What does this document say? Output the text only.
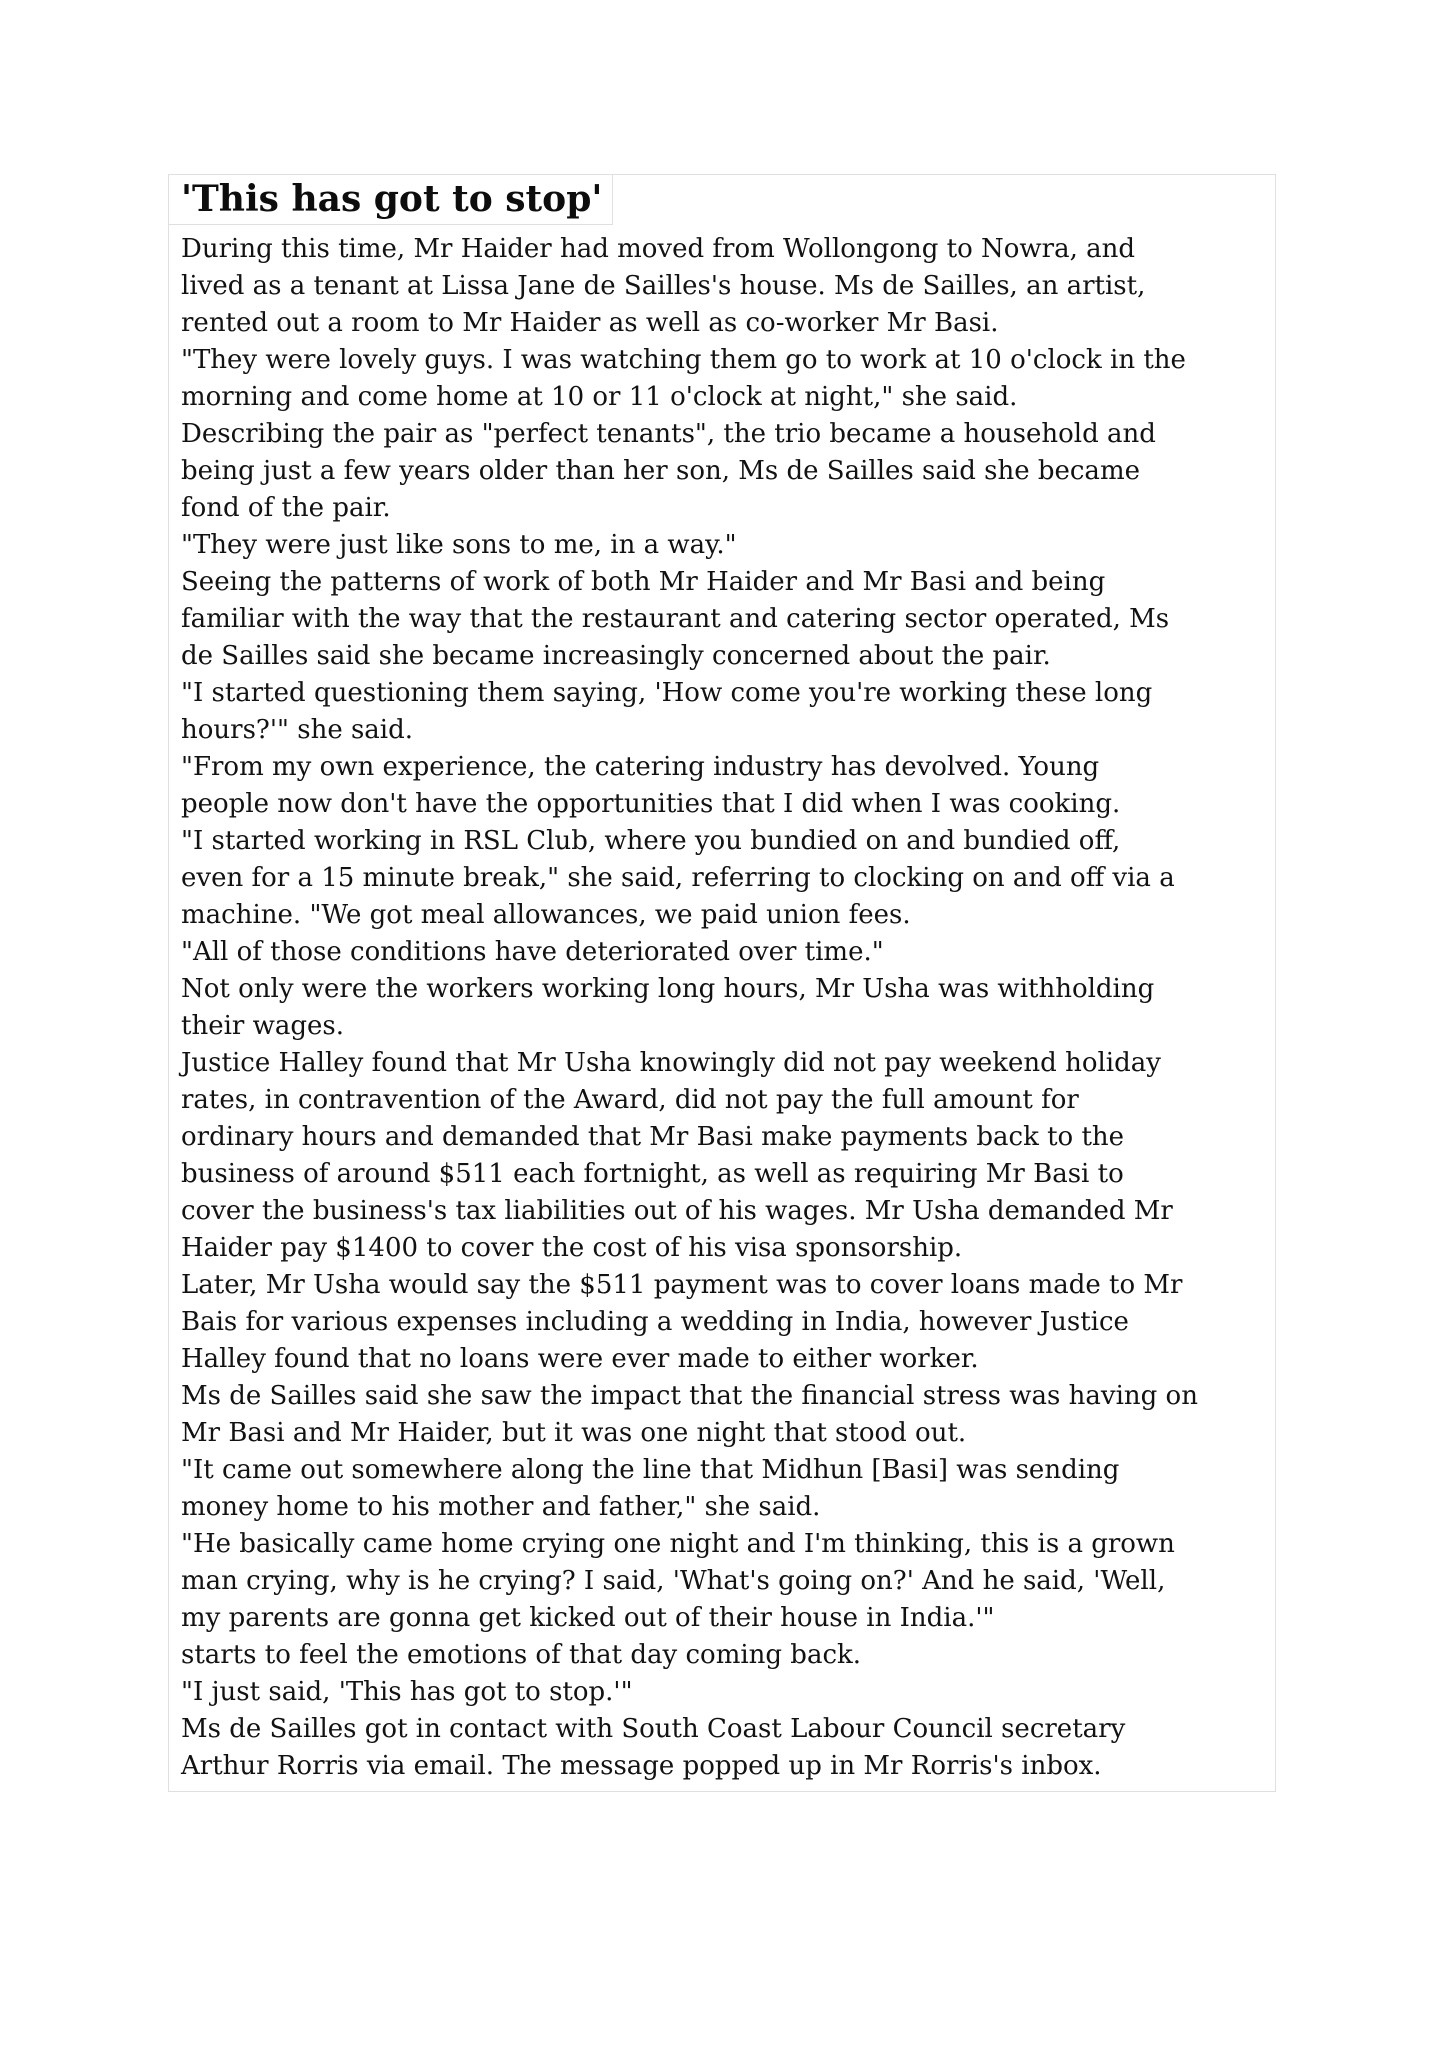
'This has got to stop'
During this time, Mr Haider had moved from Wollongong to Nowra, and
lived as a tenant at Lissa Jane de Sailles's house. Ms de Sailles, an artist,
rented out a room to Mr Haider as well as co-worker Mr Basi.
"They were lovely guys. I was watching them go to work at 10 o'clock in the
morning and come home at 10 or 11 o'clock at night," she said.
Describing the pair as "perfect tenants", the trio became a household and
being just a few years older than her son, Ms de Sailles said she became
fond of the pair.
"They were just like sons to me, in a way."
Seeing the patterns of work of both Mr Haider and Mr Basi and being
familiar with the way that the restaurant and catering sector operated, Ms
de Sailles said she became increasingly concerned about the pair.
"I started questioning them saying, 'How come you're working these long
hours?'" she said.
"From my own experience, the catering industry has devolved. Young
people now don't have the opportunities that I did when I was cooking.
"I started working in RSL Club, where you bundied on and bundied off,
even for a 15 minute break," she said, referring to clocking on and off via a
machine. "We got meal allowances, we paid union fees.
"All of those conditions have deteriorated over time."
Not only were the workers working long hours, Mr Usha was withholding
their wages.
Justice Halley found that Mr Usha knowingly did not pay weekend holiday
rates, in contravention of the Award, did not pay the full amount for
ordinary hours and demanded that Mr Basi make payments back to the
business of around $511 each fortnight, as well as requiring Mr Basi to
cover the business's tax liabilities out of his wages. Mr Usha demanded Mr
Haider pay $1400 to cover the cost of his visa sponsorship.
Later, Mr Usha would say the $511 payment was to cover loans made to Mr
Bais for various expenses including a wedding in India, however Justice
Halley found that no loans were ever made to either worker.
Ms de Sailles said she saw the impact that the financial stress was having on
Mr Basi and Mr Haider, but it was one night that stood out.
"It came out somewhere along the line that Midhun [Basi] was sending
money home to his mother and father," she said.
"He basically came home crying one night and I'm thinking, this is a grown
man crying, why is he crying? I said, 'What's going on?' And he said, 'Well,
my parents are gonna get kicked out of their house in India.'"
starts to feel the emotions of that day coming back.
"I just said, 'This has got to stop.'"
Ms de Sailles got in contact with South Coast Labour Council secretary
Arthur Rorris via email. The message popped up in Mr Rorris's inbox.
